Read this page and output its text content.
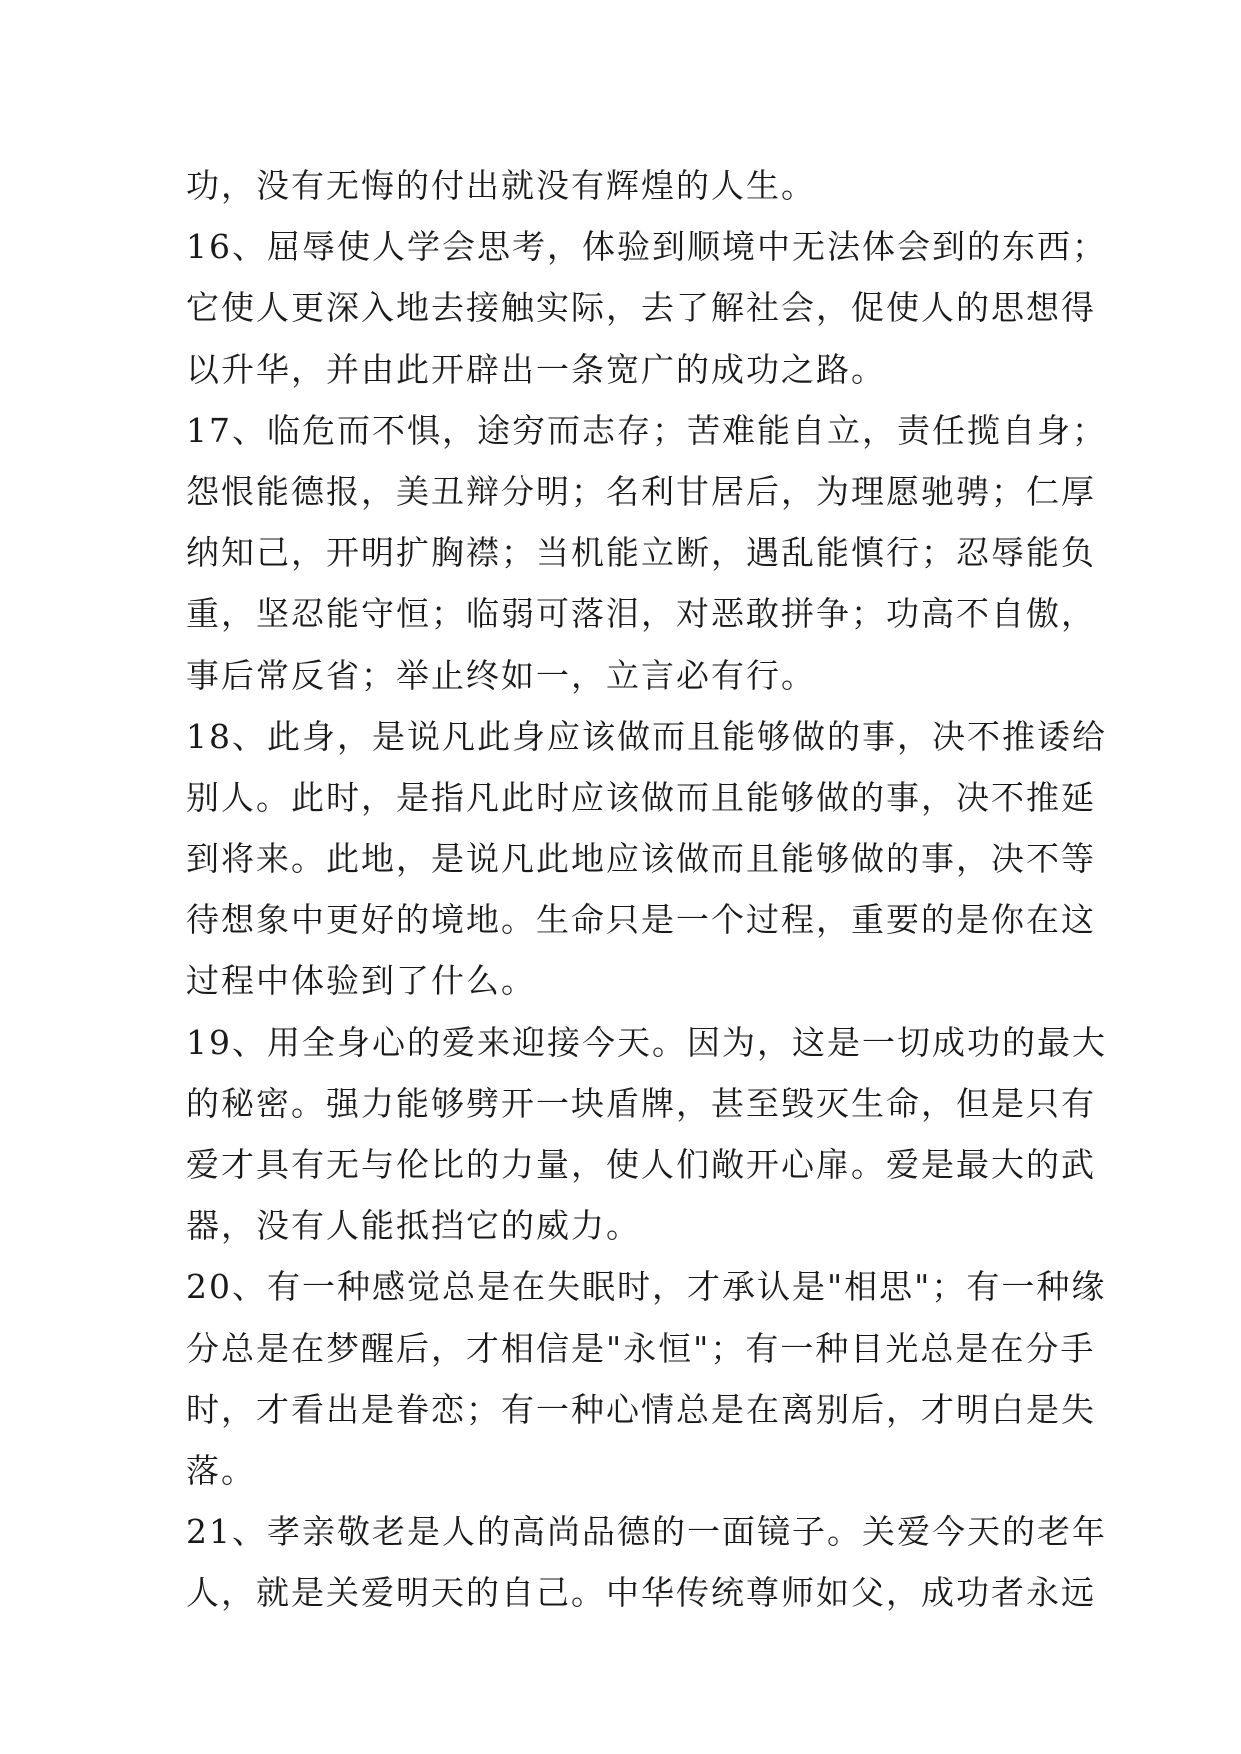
功，没有无悔的付出就没有辉煌的人生。
16、屈辱使人学会思考，体验到顺境中无法体会到的东西；
它使人更深入地去接触实际，去了解社会，促使人的思想得
以升华，并由此开辟出一条宽广的成功之路。
17、临危而不惧，途穷而志存；苦难能自立，责任揽自身；
怨恨能德报，美丑辩分明；名利甘居后，为理愿驰骋；仁厚
纳知己，开明扩胸襟；当机能立断，遇乱能慎行；忍辱能负
重，坚忍能守恒；临弱可落泪，对恶敢拼争；功高不自傲，
事后常反省；举止终如一，立言必有行。
18、此身，是说凡此身应该做而且能够做的事，决不推诿给
别人。此时，是指凡此时应该做而且能够做的事，决不推延
到将来。此地，是说凡此地应该做而且能够做的事，决不等
待想象中更好的境地。生命只是一个过程，重要的是你在这
过程中体验到了什么。
19、用全身心的爱来迎接今天。因为，这是一切成功的最大
的秘密。强力能够劈开一块盾牌，甚至毁灭生命，但是只有
爱才具有无与伦比的力量，使人们敞开心扉。爱是最大的武
器，没有人能抵挡它的威力。
20、有一种感觉总是在失眠时，才承认是"相思"；有一种缘
分总是在梦醒后，才相信是"永恒"；有一种目光总是在分手
时，才看出是眷恋；有一种心情总是在离别后，才明白是失
落。
21、孝亲敬老是人的高尚品德的一面镜子。关爱今天的老年
人，就是关爱明天的自己。中华传统尊师如父，成功者永远
